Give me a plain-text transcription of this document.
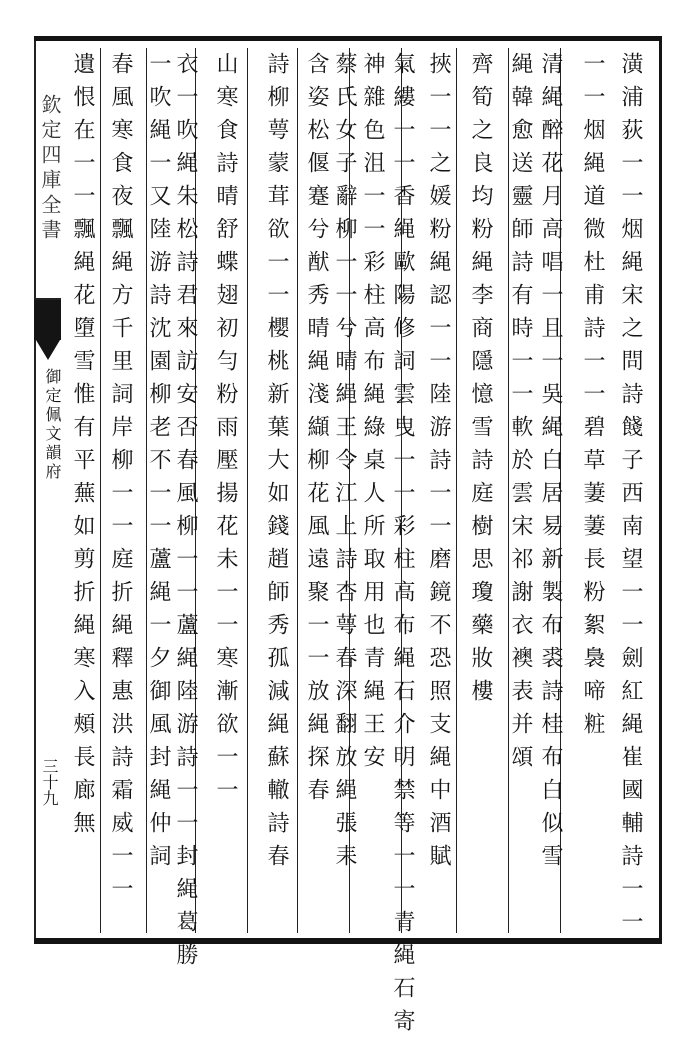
欽定四庫全書
御定佩文韻府
三十九	潢浦荻一一烟䋲宋之問詩餞子西南望一一劍紅䋲崔國輔詩一一
一一烟䋲道微杜甫詩一一碧草萋萋長粉絮裊啼粧
清䋲醉花月高唱一且一吳䋲白居易新製布裘詩桂布白似雪
䋲韓愈送靈師詩有時一一軟於雲宋祁謝衣襖表并頌
齊筍之良均粉䋲李商隱憶雪詩庭樹思瓊藥妝樓
挾一一之媛粉䋲認一一陸游詩一一磨鏡不恐照支䋲中酒賦
氣縷一一香䋲歐陽修詞雲曳一一彩柱高布䋲石介明禁等一一青䋲石寄
神雜色沮一一彩柱高布䋲綠桌人所取用也青䋲王安
蔡氏女子辭柳一一兮晴䋲王令江上詩杏萼春深翻放䋲張耒
含姿松偃蹇兮猷秀晴䋲淺纈柳花風遠聚一一放䋲探春
詩柳萼蒙茸欲一一櫻桃新葉大如錢趙師秀孤減䋲蘇轍詩春
山寒食詩晴舒蝶翅初勻粉雨壓揚花未一一寒漸欲一一
衣一吹䋲朱松詩君來訪安否春風柳一一蘆䋲陸游詩一一封䋲葛勝
一吹䋲一又陸游詩沈園柳老不一一蘆䋲一夕御風封䋲仲詞
春風寒食夜飄䋲方千里詞岸柳一一庭折䋲釋惠洪詩霜威一一
遺恨在一一飄䋲花墮雪惟有平蕪如剪折䋲寒入頰長廊無
